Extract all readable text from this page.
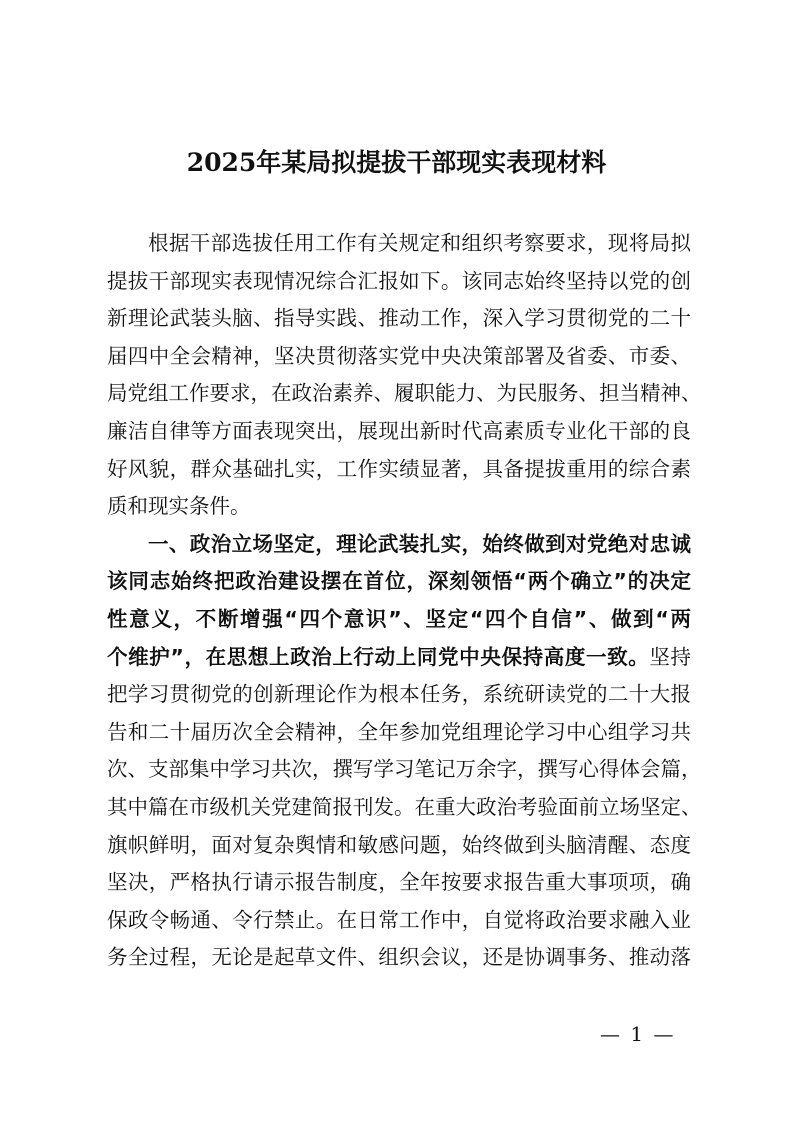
2025年某局拟提拔干部现实表现材料
根据干部选拔任用工作有关规定和组织考察要求，现将局拟
提拔干部现实表现情况综合汇报如下。该同志始终坚持以党的创
新理论武装头脑、指导实践、推动工作，深入学习贯彻党的二十
届四中全会精神，坚决贯彻落实党中央决策部署及省委、市委、
局党组工作要求，在政治素养、履职能力、为民服务、担当精神、
廉洁自律等方面表现突出，展现出新时代高素质专业化干部的良
好风貌，群众基础扎实，工作实绩显著，具备提拔重用的综合素
质和现实条件。
一、政治立场坚定，理论武装扎实，始终做到对党绝对忠诚
该同志始终把政治建设摆在首位，深刻领悟“两个确立”的决定
性意义，不断增强“四个意识”、坚定“四个自信”、做到“两
个维护”，在思想上政治上行动上同党中央保持高度一致。坚持
把学习贯彻党的创新理论作为根本任务，系统研读党的二十大报
告和二十届历次全会精神，全年参加党组理论学习中心组学习共
次、支部集中学习共次，撰写学习笔记万余字，撰写心得体会篇，
其中篇在市级机关党建简报刊发。在重大政治考验面前立场坚定、
旗帜鲜明，面对复杂舆情和敏感问题，始终做到头脑清醒、态度
坚决，严格执行请示报告制度，全年按要求报告重大事项项，确
保政令畅通、令行禁止。在日常工作中，自觉将政治要求融入业
务全过程，无论是起草文件、组织会议，还是协调事务、推动落
— 1 —
